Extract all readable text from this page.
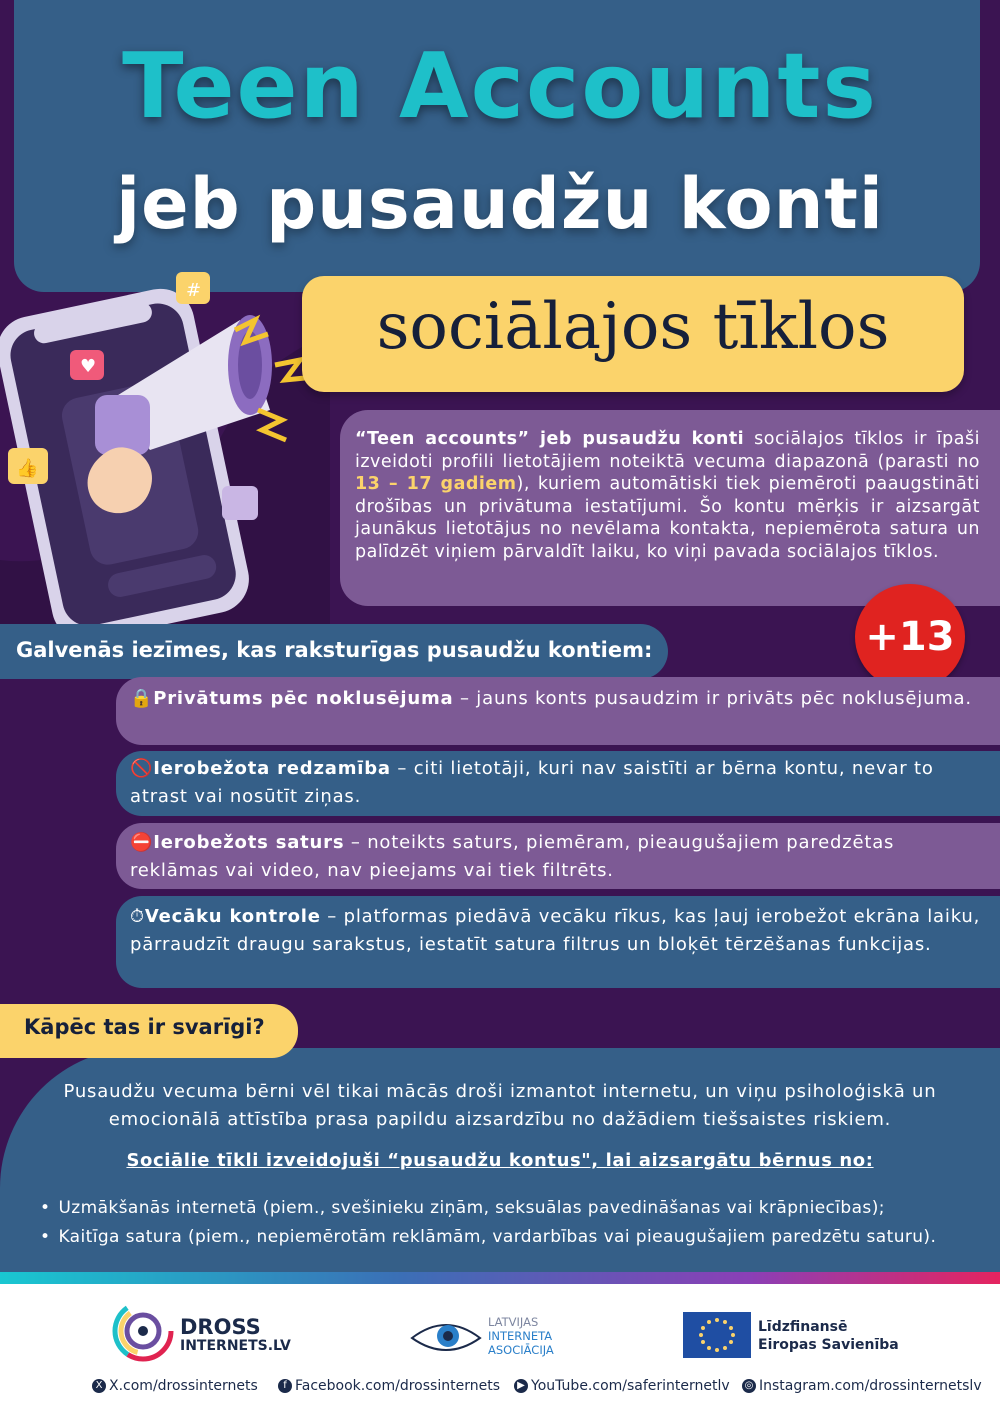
Teen Accounts
jeb pusaudžu konti
♥
#
👍
sociālajos tīklos
“Teen accounts” jeb pusaudžu konti sociālajos tīklos ir īpaši izveidoti profili lietotājiem noteiktā vecuma diapazonā (parasti no 13 – 17 gadiem), kuriem automātiski tiek piemēroti paaugstināti drošības un privātuma iestatījumi. Šo kontu mērķis ir aizsargāt jaunākus lietotājus no nevēlama kontakta, nepiemērota satura un palīdzēt viņiem pārvaldīt laiku, ko viņi pavada sociālajos tīklos.
+13
Galvenās iezīmes, kas raksturīgas pusaudžu kontiem:
🔒Privātums pēc noklusējuma – jauns konts pusaudzim ir privāts pēc noklusējuma.
🚫Ierobežota redzamība – citi lietotāji, kuri nav saistīti ar bērna kontu, nevar to atrast vai nosūtīt ziņas.
⛔Ierobežots saturs – noteikts saturs, piemēram, pieaugušajiem paredzētas reklāmas vai video, nav pieejams vai tiek filtrēts.
⏱Vecāku kontrole – platformas piedāvā vecāku rīkus, kas ļauj ierobežot ekrāna laiku, pārraudzīt draugu sarakstus, iestatīt satura filtrus un bloķēt tērzēšanas funkcijas.
Kāpēc tas ir svarīgi?
Pusaudžu vecuma bērni vēl tikai mācās droši izmantot internetu, un viņu psiholoģiskā un emocionālā attīstība prasa papildu aizsardzību no dažādiem tiešsaistes riskiem.
Sociālie tīkli izveidojuši “pusaudžu kontus", lai aizsargātu bērnus no:
• Uzmākšanās internetā (piem., svešinieku ziņām, seksuālas pavedināšanas vai krāpniecības);
• Kaitīga satura (piem., nepiemērotām reklāmām, vardarbības vai pieaugušajiem paredzētu saturu).
DROSS
INTERNETS.LV
LATVIJAS
INTERNETA
ASOCIĀCIJA
Līdzfinansē
Eiropas Savienība
X X.com/drossinternets	f Facebook.com/drossinternets	▶ YouTube.com/saferinternetlv ◎ Instagram.com/drossinternetslv
